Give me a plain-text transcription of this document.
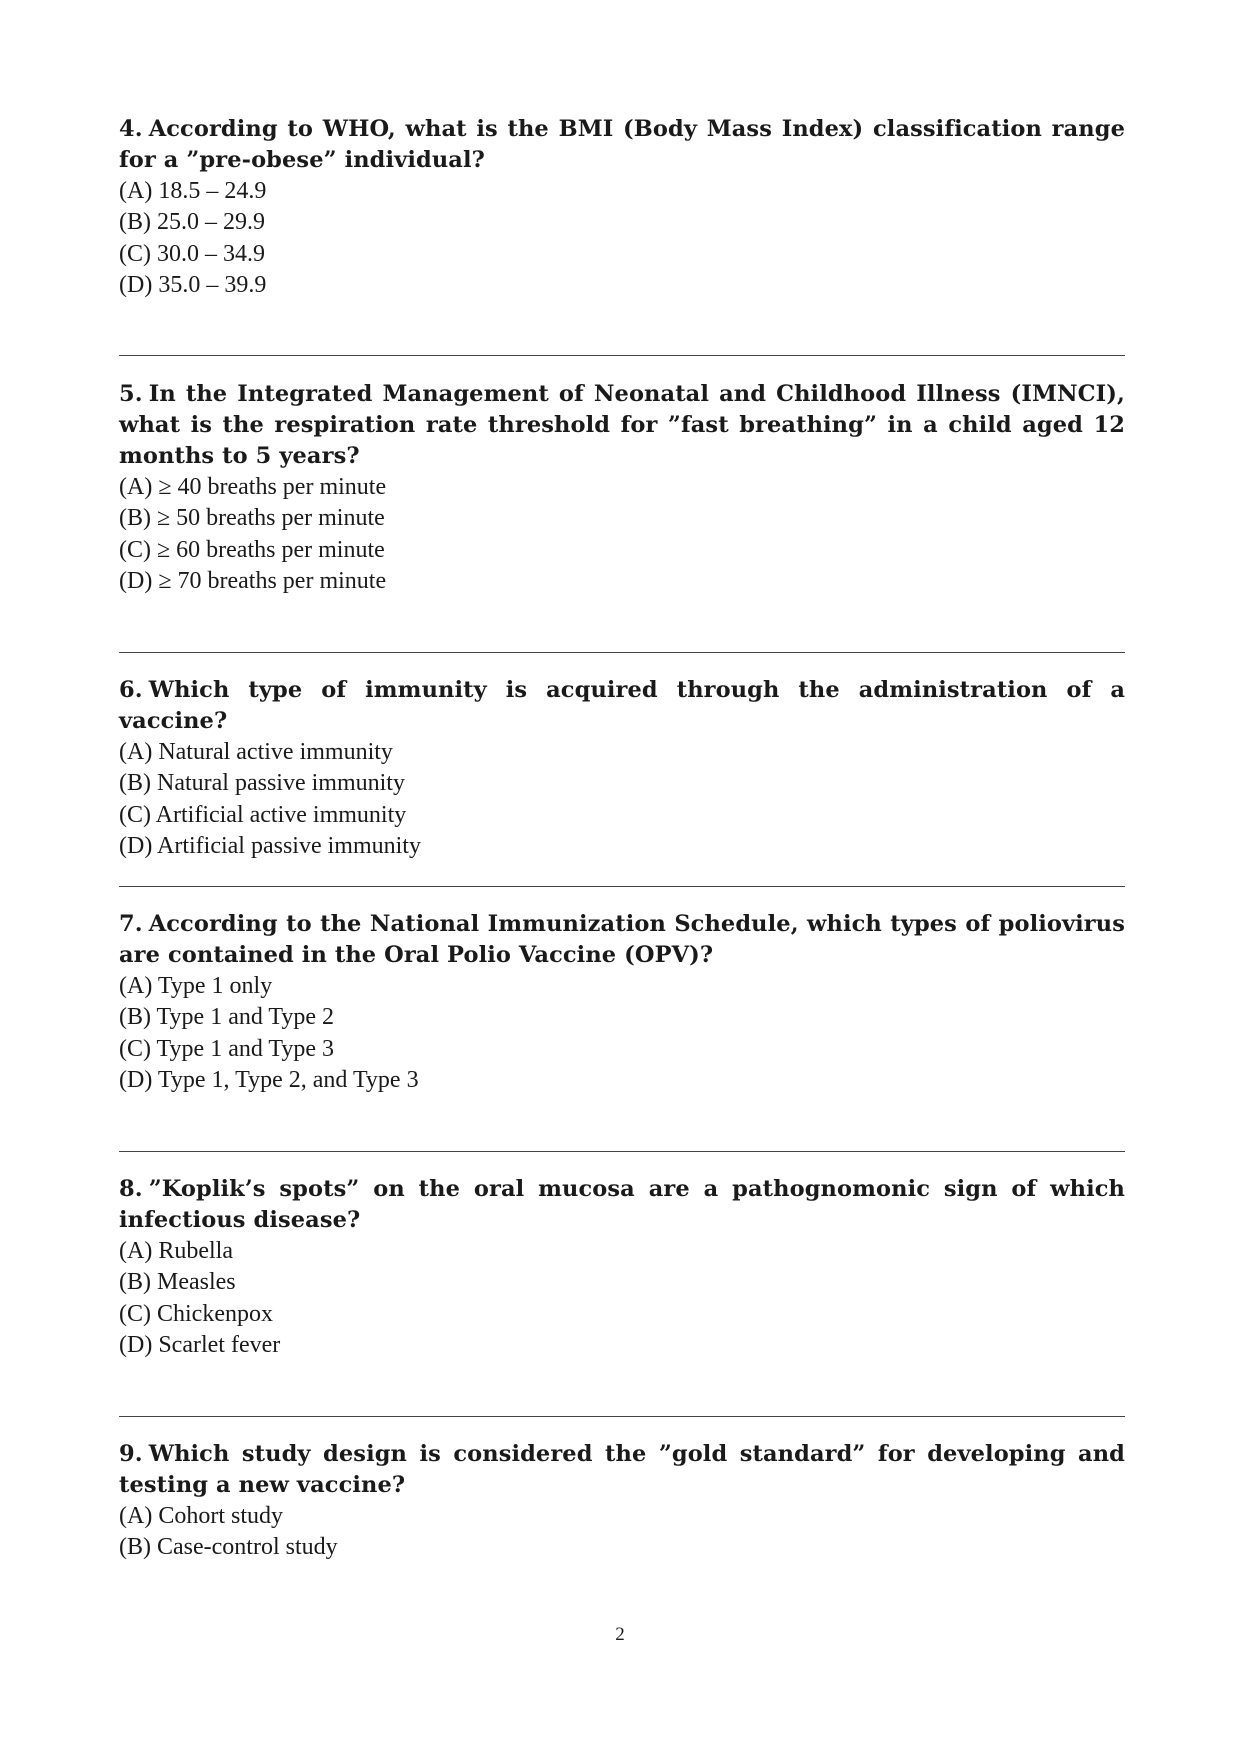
4. According to WHO, what is the BMI (Body Mass Index) classification range for a ”pre-obese” individual?

(A) 18.5 – 24.9

(B) 25.0 – 29.9

(C) 30.0 – 34.9

(D) 35.0 – 39.9

5. In the Integrated Management of Neonatal and Childhood Illness (IMNCI), what is the respiration rate threshold for ”fast breathing” in a child aged 12 months to 5 years?

(A) ≥ 40 breaths per minute

(B) ≥ 50 breaths per minute

(C) ≥ 60 breaths per minute

(D) ≥ 70 breaths per minute

6. Which type of immunity is acquired through the administration of a vaccine?

(A) Natural active immunity

(B) Natural passive immunity

(C) Artificial active immunity

(D) Artificial passive immunity

7. According to the National Immunization Schedule, which types of poliovirus are contained in the Oral Polio Vaccine (OPV)?

(A) Type 1 only

(B) Type 1 and Type 2

(C) Type 1 and Type 3

(D) Type 1, Type 2, and Type 3

8. ”Koplik’s spots” on the oral mucosa are a pathognomonic sign of which infectious disease?

(A) Rubella

(B) Measles

(C) Chickenpox

(D) Scarlet fever

9. Which study design is considered the ”gold standard” for developing and testing a new vaccine?

(A) Cohort study

(B) Case-control study

2
